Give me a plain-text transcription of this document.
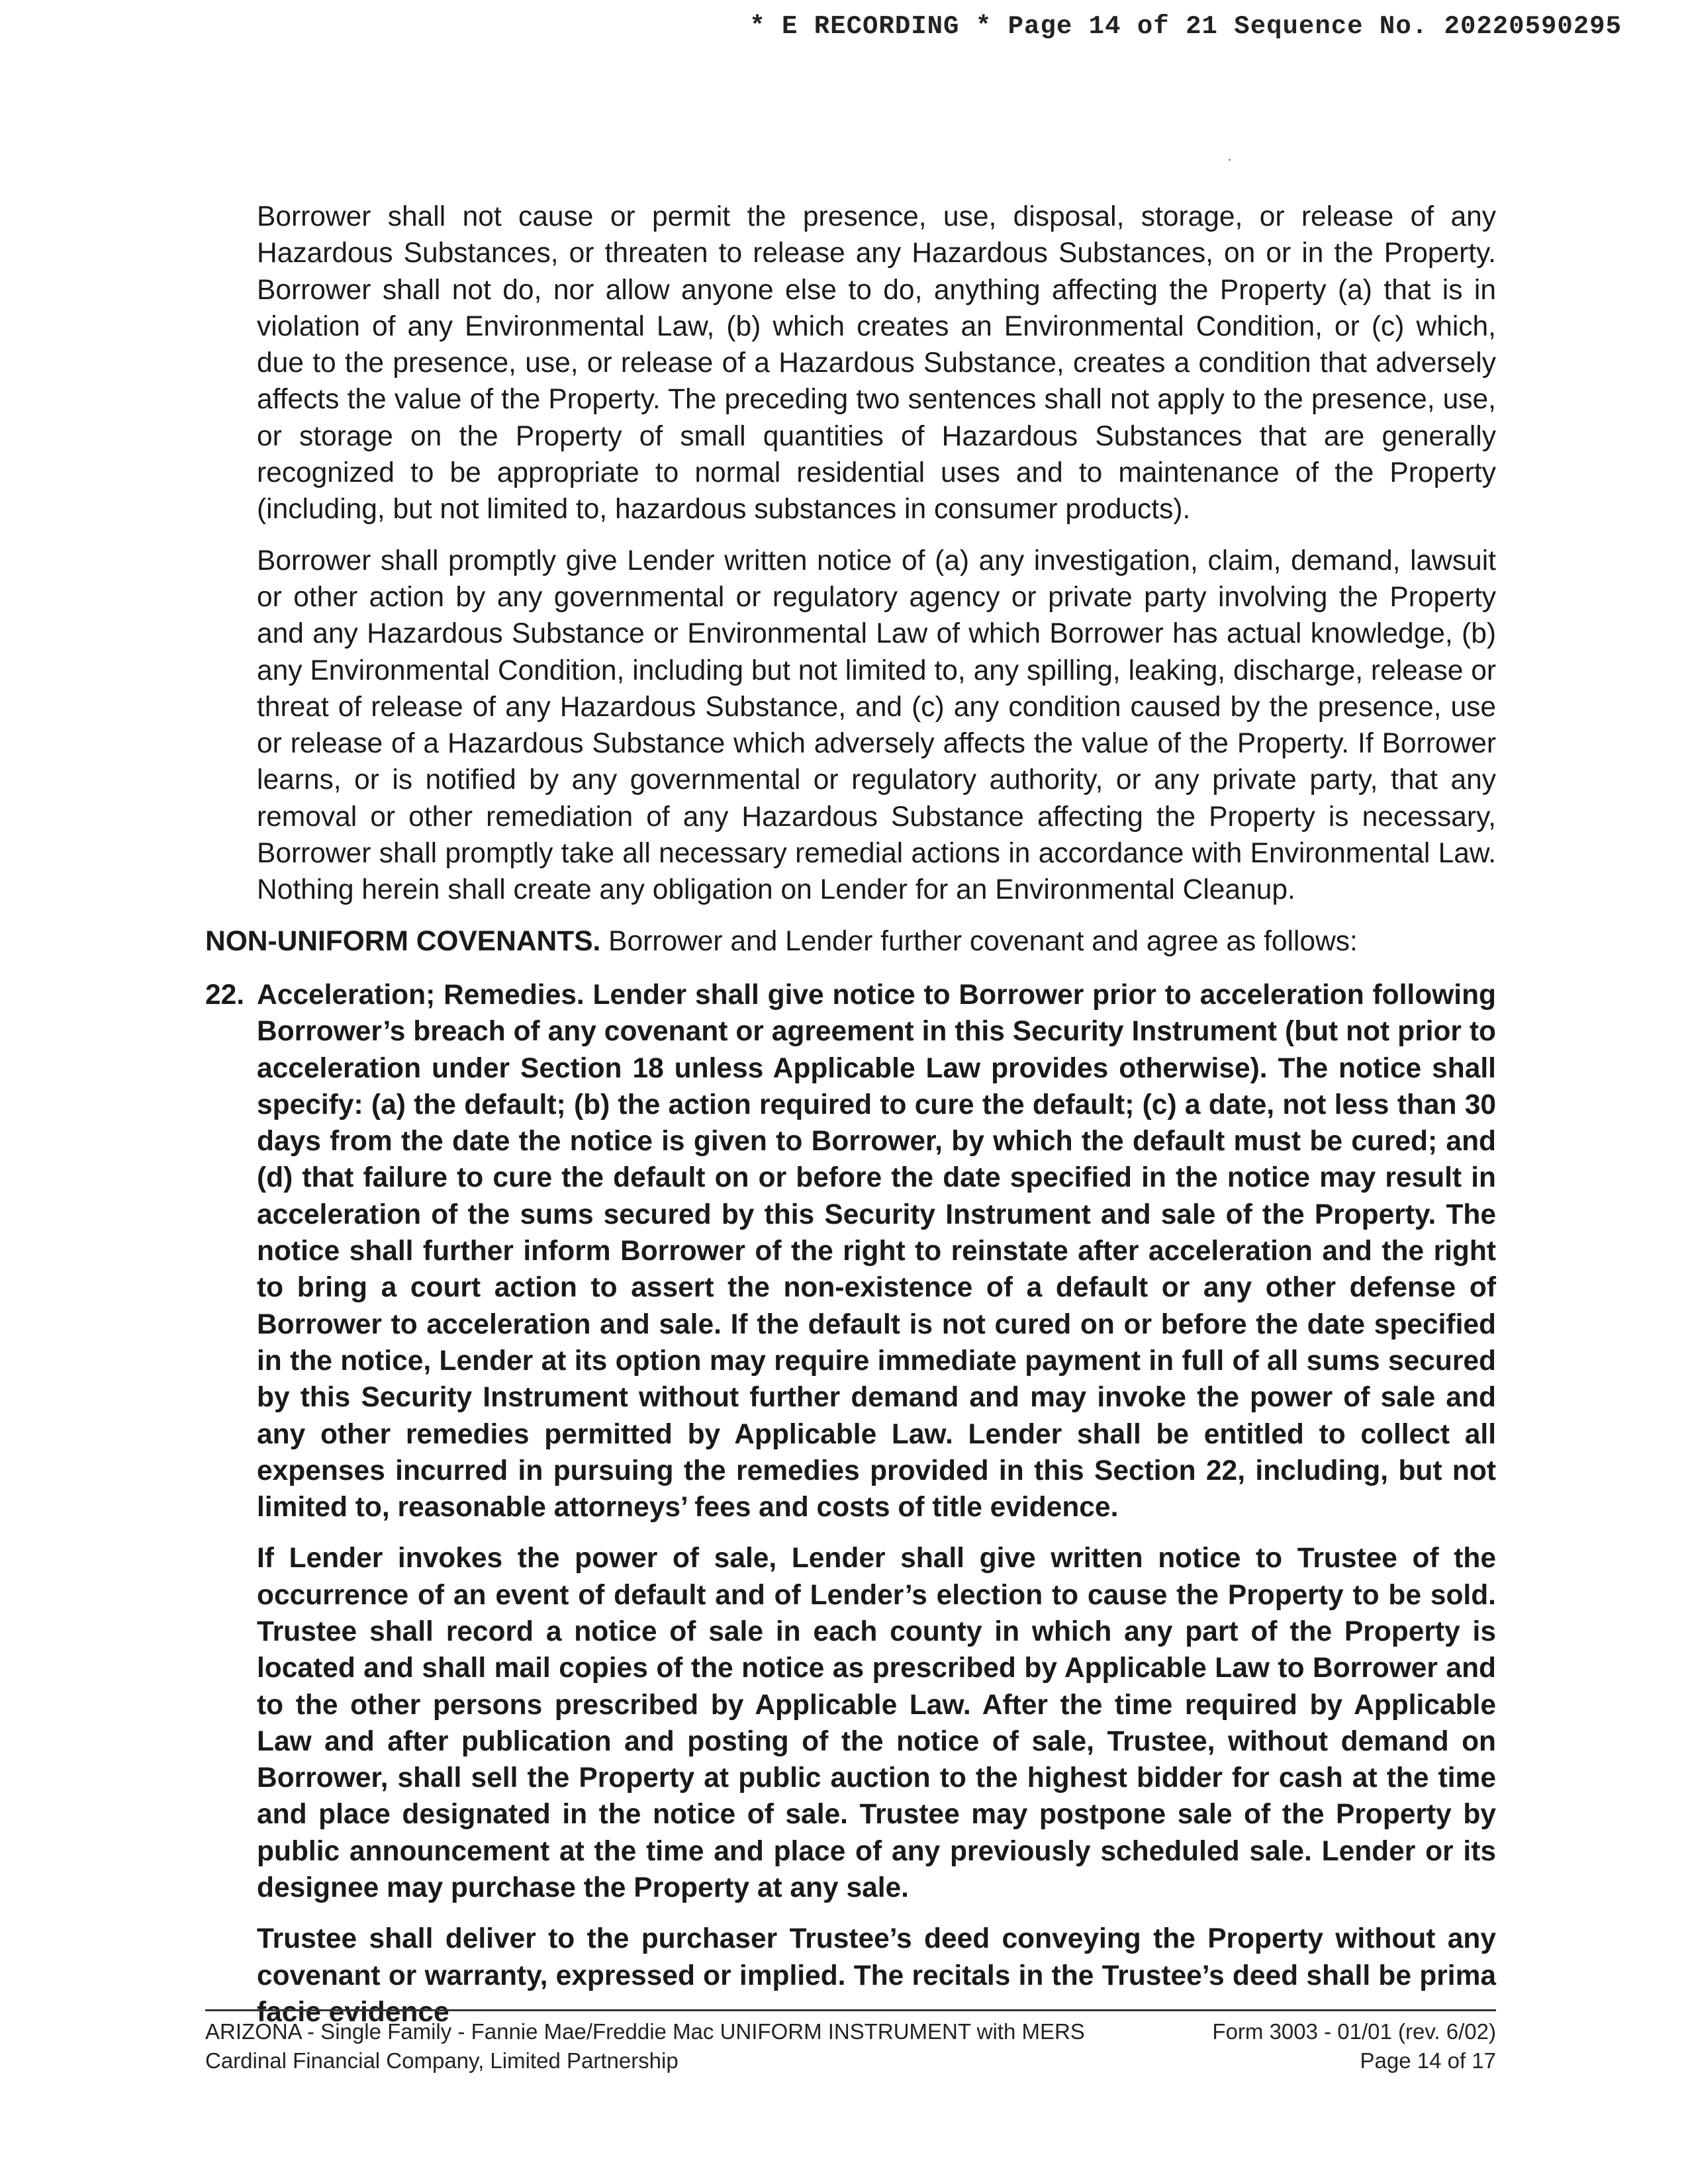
* E RECORDING * Page 14 of 21 Sequence No. 20220590295

Borrower shall not cause or permit the presence, use, disposal, storage, or release of any Hazardous Substances, or threaten to release any Hazardous Substances, on or in the Property. Borrower shall not do, nor allow anyone else to do, anything affecting the Property (a) that is in violation of any Environmental Law, (b) which creates an Environmental Condition, or (c) which, due to the presence, use, or release of a Hazardous Substance, creates a condition that adversely affects the value of the Property. The preceding two sentences shall not apply to the presence, use, or storage on the Property of small quantities of Hazardous Substances that are generally recognized to be appropriate to normal residential uses and to maintenance of the Property (including, but not limited to, hazardous substances in consumer products).

Borrower shall promptly give Lender written notice of (a) any investigation, claim, demand, lawsuit or other action by any governmental or regulatory agency or private party involving the Property and any Hazardous Substance or Environmental Law of which Borrower has actual knowledge, (b) any Environmental Condition, including but not limited to, any spilling, leaking, discharge, release or threat of release of any Hazardous Substance, and (c) any condition caused by the presence, use or release of a Hazardous Substance which adversely affects the value of the Property. If Borrower learns, or is notified by any governmental or regulatory authority, or any private party, that any removal or other remediation of any Hazardous Substance affecting the Property is necessary, Borrower shall promptly take all necessary remedial actions in accordance with Environmental Law. Nothing herein shall create any obligation on Lender for an Environmental Cleanup.

NON-UNIFORM COVENANTS. Borrower and Lender further covenant and agree as follows:

22. Acceleration; Remedies. Lender shall give notice to Borrower prior to acceleration following Borrower’s breach of any covenant or agreement in this Security Instrument (but not prior to acceleration under Section 18 unless Applicable Law provides otherwise). The notice shall specify: (a) the default; (b) the action required to cure the default; (c) a date, not less than 30 days from the date the notice is given to Borrower, by which the default must be cured; and (d) that failure to cure the default on or before the date specified in the notice may result in acceleration of the sums secured by this Security Instrument and sale of the Property. The notice shall further inform Borrower of the right to reinstate after acceleration and the right to bring a court action to assert the non-existence of a default or any other defense of Borrower to acceleration and sale. If the default is not cured on or before the date specified in the notice, Lender at its option may require immediate payment in full of all sums secured by this Security Instrument without further demand and may invoke the power of sale and any other remedies permitted by Applicable Law. Lender shall be entitled to collect all expenses incurred in pursuing the remedies provided in this Section 22, including, but not limited to, reasonable attorneys’ fees and costs of title evidence.

If Lender invokes the power of sale, Lender shall give written notice to Trustee of the occurrence of an event of default and of Lender’s election to cause the Property to be sold. Trustee shall record a notice of sale in each county in which any part of the Property is located and shall mail copies of the notice as prescribed by Applicable Law to Borrower and to the other persons prescribed by Applicable Law. After the time required by Applicable Law and after publication and posting of the notice of sale, Trustee, without demand on Borrower, shall sell the Property at public auction to the highest bidder for cash at the time and place designated in the notice of sale. Trustee may postpone sale of the Property by public announcement at the time and place of any previously scheduled sale. Lender or its designee may purchase the Property at any sale.

Trustee shall deliver to the purchaser Trustee’s deed conveying the Property without any covenant or warranty, expressed or implied. The recitals in the Trustee’s deed shall be prima facie evidence

ARIZONA - Single Family - Fannie Mae/Freddie Mac UNIFORM INSTRUMENT with MERS	Form 3003 - 01/01 (rev. 6/02)
Cardinal Financial Company, Limited Partnership	Page 14 of 17
